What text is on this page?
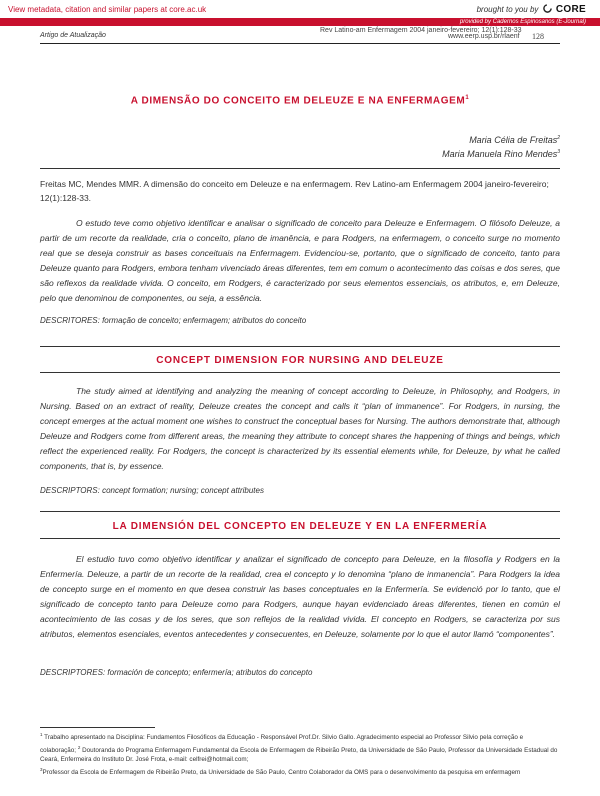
View metadata, citation and similar papers at core.ac.uk	brought to you by CORE
provided by Cadernos Espinosanos (E-Journal)
Artigo de Atualização
Rev Latino-am Enfermagem 2004 janeiro-fevereiro; 12(1):128-33
www.eerp.usp.br/rlaenf 128
A DIMENSÃO DO CONCEITO EM DELEUZE E NA ENFERMAGEM$^1$
Maria Célia de Freitas$^2$
Maria Manuela Rino Mendes$^3$
Freitas MC, Mendes MMR. A dimensão do conceito em Deleuze e na enfermagem. Rev Latino-am Enfermagem 2004 janeiro-fevereiro; 12(1):128-33.
O estudo teve como objetivo identificar e analisar o significado de conceito para Deleuze e Enfermagem. O filósofo Deleuze, a partir de um recorte da realidade, cria o conceito, plano de imanência, e para Rodgers, na enfermagem, o conceito surge no momento real que se deseja construir as bases conceituais na Enfermagem. Evidenciou-se, portanto, que o significado de conceito, tanto para Deleuze quanto para Rodgers, embora tenham vivenciado áreas diferentes, tem em comum o acontecimento das coisas e dos seres, que são reflexos da realidade vivida. O conceito, em Rodgers, é caracterizado por seus elementos essenciais, os atributos, e, em Deleuze, pelo que denominou de componentes, ou seja, a essência.
DESCRITORES: formação de conceito; enfermagem; atributos do conceito
CONCEPT DIMENSION FOR NURSING AND DELEUZE
The study aimed at identifying and analyzing the meaning of concept according to Deleuze, in Philosophy, and Rodgers, in Nursing. Based on an extract of reality, Deleuze creates the concept and calls it “plan of immanence”. For Rodgers, in nursing, the concept emerges at the actual moment one wishes to construct the conceptual bases for Nursing. The authors demonstrate that, although Deleuze and Rodgers come from different areas, the meaning they attribute to concept shares the happening of things and beings, which reflect the experienced reality. For Rodgers, the concept is characterized by its essential elements while, for Deleuze, by what he called components, that is, by essence.
DESCRIPTORS: concept formation; nursing; concept attributes
LA DIMENSIÓN DEL CONCEPTO EN DELEUZE Y EN LA ENFERMERÍA
El estudio tuvo como objetivo identificar y analizar el significado de concepto para Deleuze, en la filosofía y Rodgers en la Enfermería. Deleuze, a partir de un recorte de la realidad, crea el concepto y lo denomina “plano de inmanencia”. Para Rodgers la idea de concepto surge en el momento en que desea construir las bases conceptuales en la Enfermería. Se evidenció por lo tanto, que el significado de concepto tanto para Deleuze como para Rodgers, aunque hayan evidenciado áreas diferentes, tienen en común el acontecimiento de las cosas y de los seres, que son reflejos de la realidad vivida. El concepto en Rodgers, se caracteriza por sus atributos, elementos esenciales, eventos antecedentes y consecuentes, en Deleuze, solamente por lo que el autor llamó “componentes”.
DESCRIPTORES: formación de concepto; enfermería; atributos do concepto
$^1$ Trabalho apresentado na Disciplina: Fundamentos Filosóficos da Educação - Responsável Prof.Dr. Silvio Gallo. Agradecimento especial ao Professor Silvio pela correção e colaboração; $^2$ Doutoranda do Programa Enfermagem Fundamental da Escola de Enfermagem de Ribeirão Preto, da Universidade de São Paulo, Professor da Universidade Estadual do Ceará, Enfermeira do Instituto Dr. José Frota, e-mail: celfrei@hotmail.com;
$^3$Professor da Escola de Enfermagem de Ribeirão Preto, da Universidade de São Paulo, Centro Colaborador da OMS para o desenvolvimento da pesquisa em enfermagem
